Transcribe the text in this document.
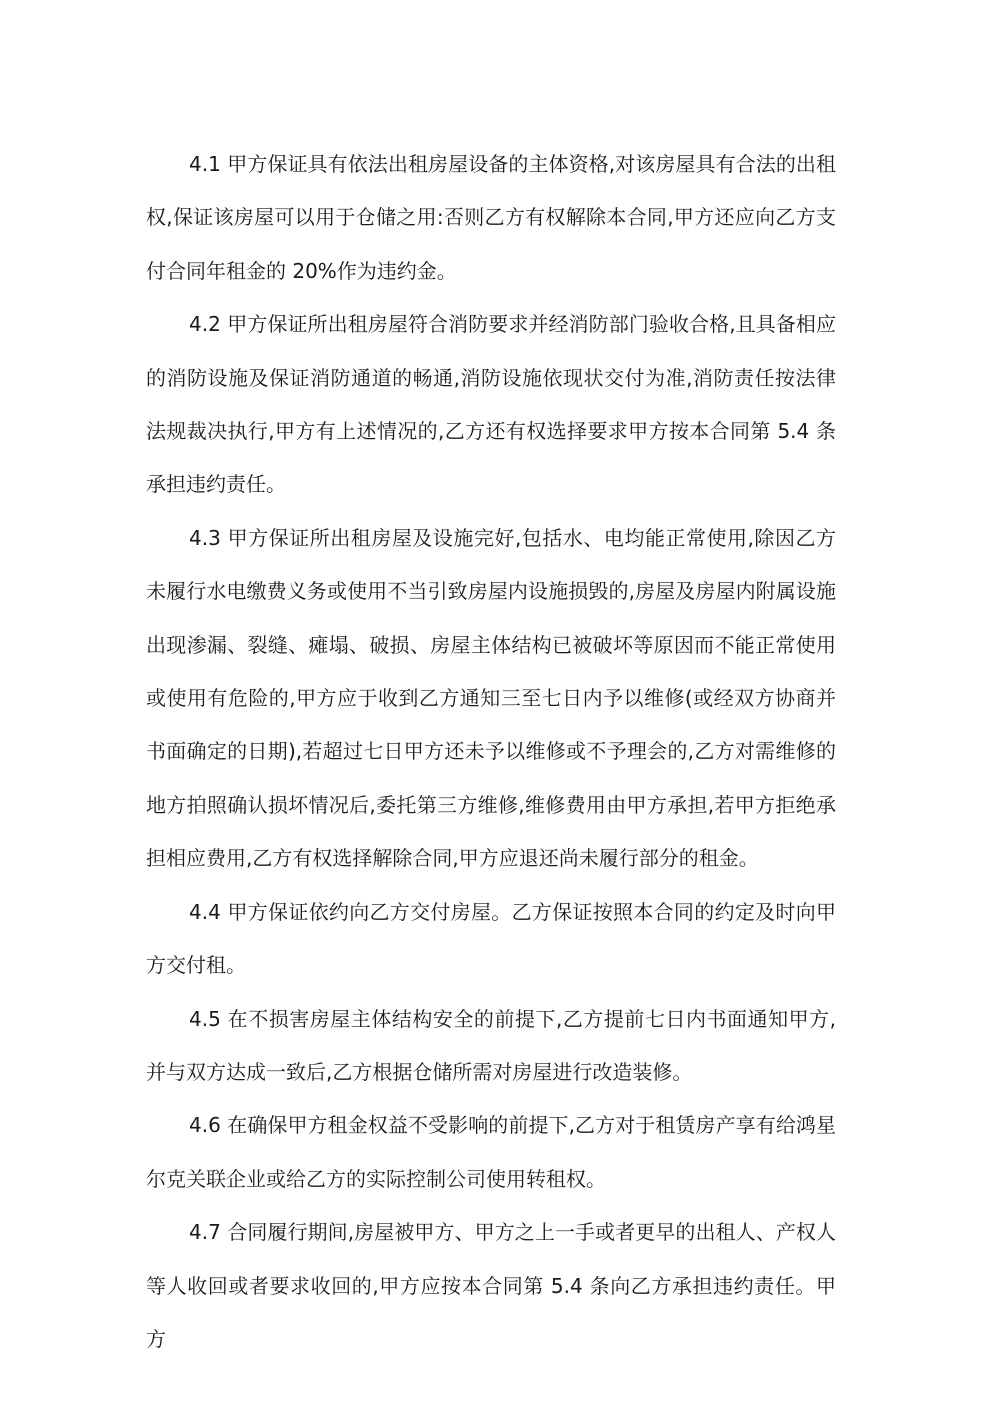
4.1 甲方保证具有依法出租房屋设备的主体资格,对该房屋具有合法的出租权,保证该房屋可以用于仓储之用:否则乙方有权解除本合同,甲方还应向乙方支付合同年租金的 20%作为违约金。

4.2 甲方保证所出租房屋符合消防要求并经消防部门验收合格,且具备相应的消防设施及保证消防通道的畅通,消防设施依现状交付为准,消防责任按法律法规裁决执行,甲方有上述情况的,乙方还有权选择要求甲方按本合同第 5.4 条承担违约责任。

4.3 甲方保证所出租房屋及设施完好,包括水、电均能正常使用,除因乙方未履行水电缴费义务或使用不当引致房屋内设施损毁的,房屋及房屋内附属设施出现渗漏、裂缝、瘫塌、破损、房屋主体结构已被破坏等原因而不能正常使用或使用有危险的,甲方应于收到乙方通知三至七日内予以维修(或经双方协商并书面确定的日期),若超过七日甲方还未予以维修或不予理会的,乙方对需维修的地方拍照确认损坏情况后,委托第三方维修,维修费用由甲方承担,若甲方拒绝承担相应费用,乙方有权选择解除合同,甲方应退还尚未履行部分的租金。

4.4 甲方保证依约向乙方交付房屋。乙方保证按照本合同的约定及时向甲方交付租。

4.5 在不损害房屋主体结构安全的前提下,乙方提前七日内书面通知甲方,并与双方达成一致后,乙方根据仓储所需对房屋进行改造装修。

4.6 在确保甲方租金权益不受影响的前提下,乙方对于租赁房产享有给鸿星尔克关联企业或给乙方的实际控制公司使用转租权。

4.7 合同履行期间,房屋被甲方、甲方之上一手或者更早的出租人、产权人等人收回或者要求收回的,甲方应按本合同第 5.4 条向乙方承担违约责任。甲方
